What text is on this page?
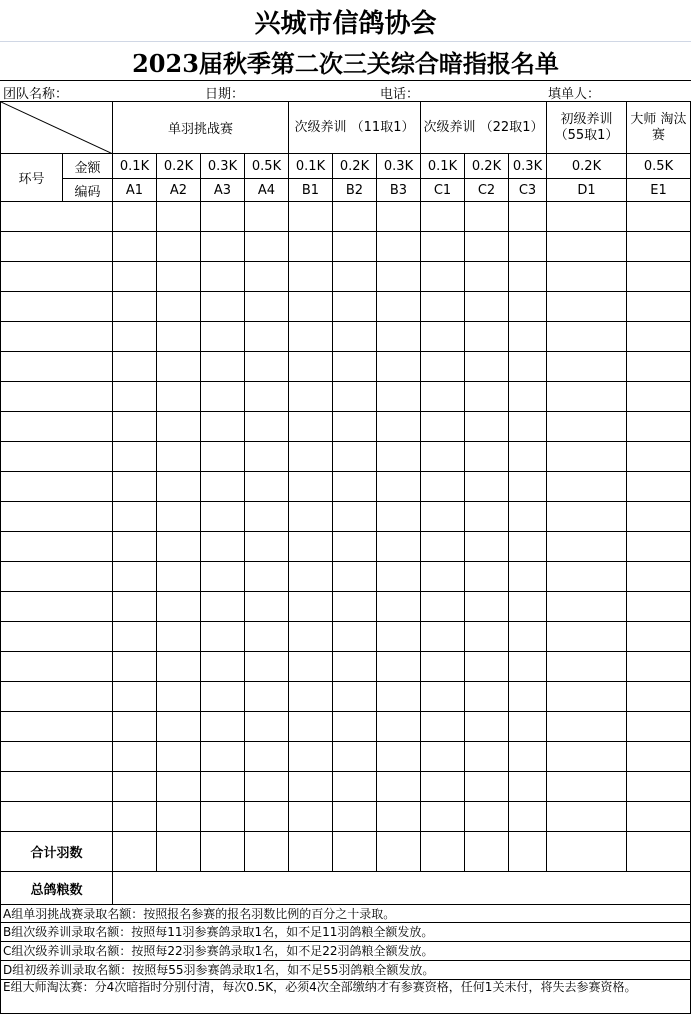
兴城市信鸽协会
2023届秋季第二次三关综合暗指报名单
团队名称：	日期：	电话：	填单人：
	单羽挑战赛				次级养训 （11取1）			次级养训 （22取1）			初级养训 （55取1）	大师 淘汰赛
环号	金额	0.1K	0.2K	0.3K	0.5K	0.1K	0.2K	0.3K	0.1K	0.2K	0.3K	0.2K	0.5K
	编码	A1	A2	A3	A4	B1	B2	B3	C1	C2	C3	D1	E1

合计羽数													
总鸽粮数													
A组单羽挑战赛录取名额：按照报名参赛的报名羽数比例的百分之十录取。
B组次级养训录取名额：按照每11羽参赛鸽录取1名，如不足11羽鸽粮全额发放。
C组次级养训录取名额：按照每22羽参赛鸽录取1名，如不足22羽鸽粮全额发放。
D组初级养训录取名额：按照每55羽参赛鸽录取1名，如不足55羽鸽粮全额发放。
E组大师淘汰赛：分4次暗指时分别付清，每次0.5K，必须4次全部缴纳才有参赛资格，任何1关未付，将失去参赛资格。
